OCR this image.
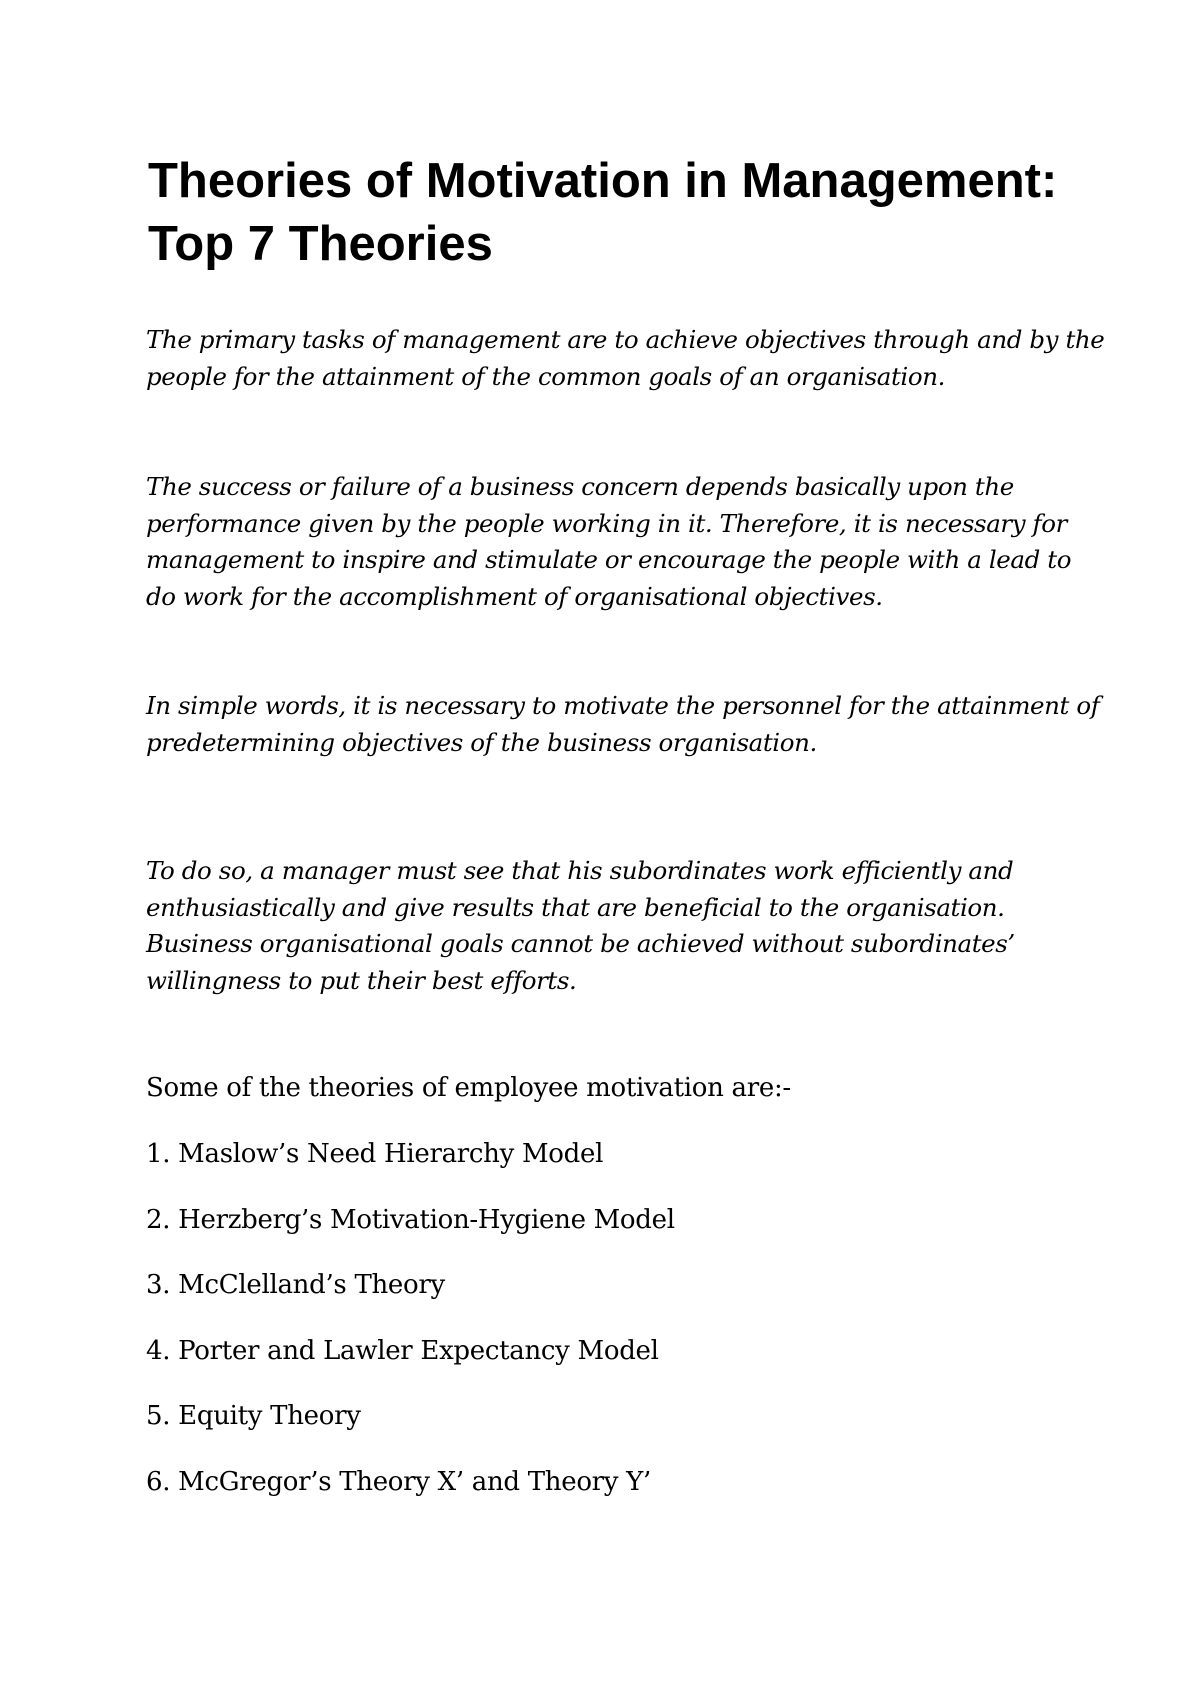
Theories of Motivation in Management: Top 7 Theories

The primary tasks of management are to achieve objectives through and by the people for the attainment of the common goals of an organisation.

The success or failure of a business concern depends basically upon the performance given by the people working in it. Therefore, it is necessary for management to inspire and stimulate or encourage the people with a lead to do work for the accomplishment of organisational objectives.

In simple words, it is necessary to motivate the personnel for the attainment of predetermining objectives of the business organisation.

To do so, a manager must see that his subordinates work efficiently and enthusiastically and give results that are beneficial to the organisation. Business organisational goals cannot be achieved without subordinates’ willingness to put their best efforts.

Some of the theories of employee motivation are:-

1. Maslow’s Need Hierarchy Model
2. Herzberg’s Motivation-Hygiene Model
3. McClelland’s Theory
4. Porter and Lawler Expectancy Model
5. Equity Theory
6. McGregor’s Theory X’ and Theory Y’
